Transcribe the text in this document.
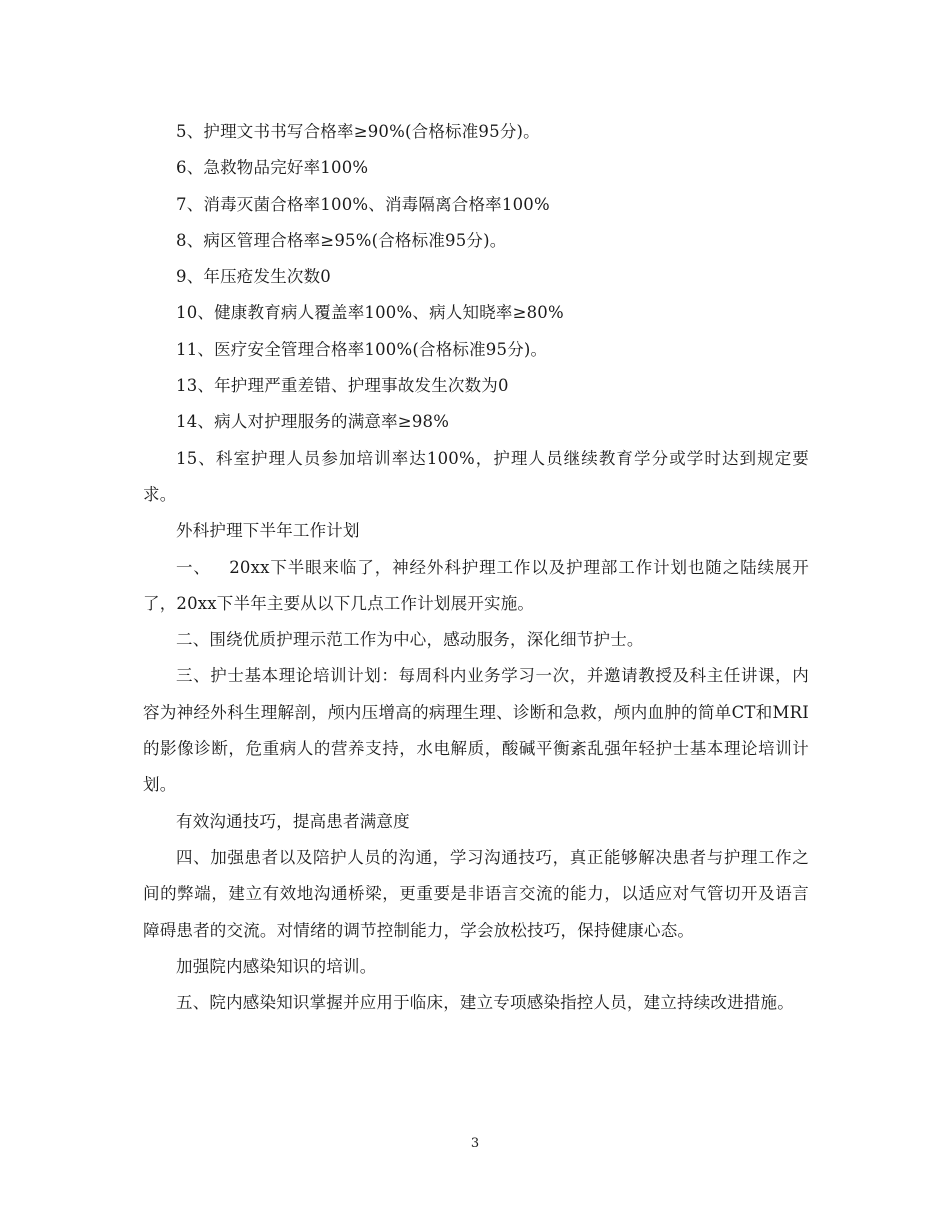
5、护理文书书写合格率≥90%(合格标准95分)。

6、急救物品完好率100%

7、消毒灭菌合格率100%、消毒隔离合格率100%

8、病区管理合格率≥95%(合格标准95分)。

9、年压疮发生次数0

10、健康教育病人覆盖率100%、病人知晓率≥80%

11、医疗安全管理合格率100%(合格标准95分)。

13、年护理严重差错、护理事故发生次数为0

14、病人对护理服务的满意率≥98%

15、科室护理人员参加培训率达100%，护理人员继续教育学分或学时达到规定要求。

外科护理下半年工作计划

一、   20xx下半眼来临了，神经外科护理工作以及护理部工作计划也随之陆续展开了，20xx下半年主要从以下几点工作计划展开实施。

二、围绕优质护理示范工作为中心，感动服务，深化细节护士。

三、护士基本理论培训计划：每周科内业务学习一次，并邀请教授及科主任讲课，内容为神经外科生理解剖，颅内压增高的病理生理、诊断和急救，颅内血肿的简单CT和MRI的影像诊断，危重病人的营养支持，水电解质，酸碱平衡紊乱强年轻护士基本理论培训计划。

有效沟通技巧，提高患者满意度

四、加强患者以及陪护人员的沟通，学习沟通技巧，真正能够解决患者与护理工作之间的弊端，建立有效地沟通桥梁，更重要是非语言交流的能力，以适应对气管切开及语言障碍患者的交流。对情绪的调节控制能力，学会放松技巧，保持健康心态。

加强院内感染知识的培训。

五、院内感染知识掌握并应用于临床，建立专项感染指控人员，建立持续改进措施。

3
